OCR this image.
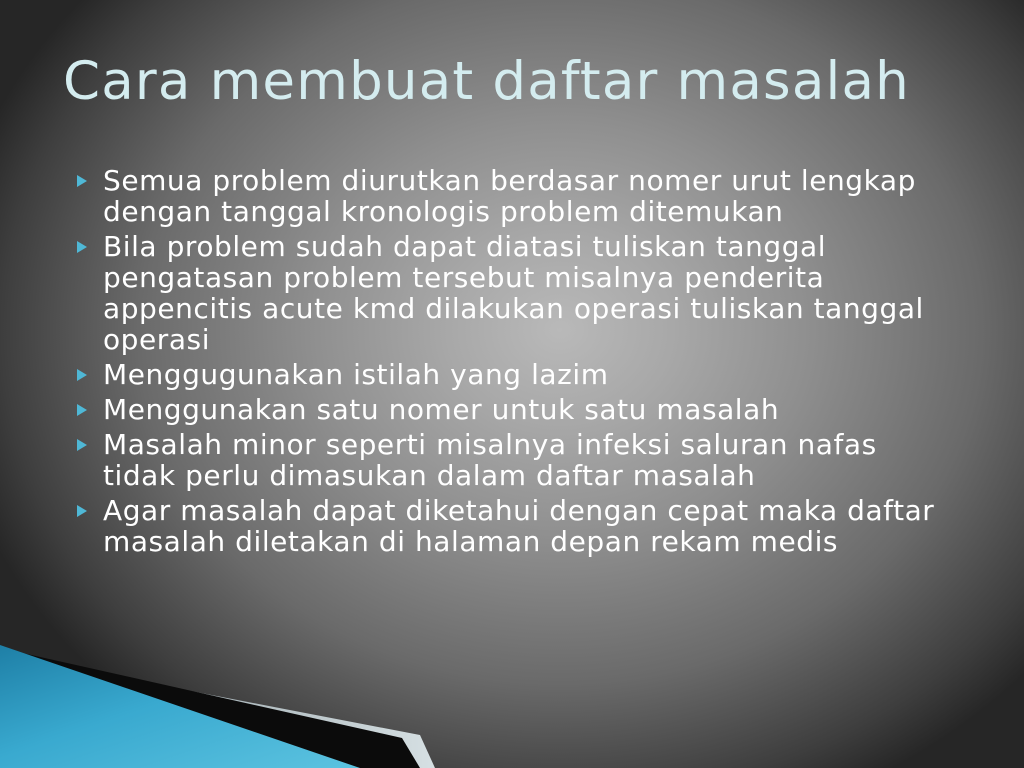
Cara membuat daftar masalah
Semua problem diurutkan berdasar nomer urut lengkap dengan tanggal kronologis problem ditemukan
Bila problem sudah dapat diatasi tuliskan tanggal pengatasan problem tersebut misalnya penderita appencitis acute kmd dilakukan operasi tuliskan tanggal operasi
Menggugunakan istilah yang lazim
Menggunakan satu nomer untuk satu masalah
Masalah minor seperti misalnya infeksi saluran nafas tidak perlu dimasukan dalam daftar masalah
Agar masalah dapat diketahui dengan cepat maka daftar masalah diletakan di halaman depan rekam medis
